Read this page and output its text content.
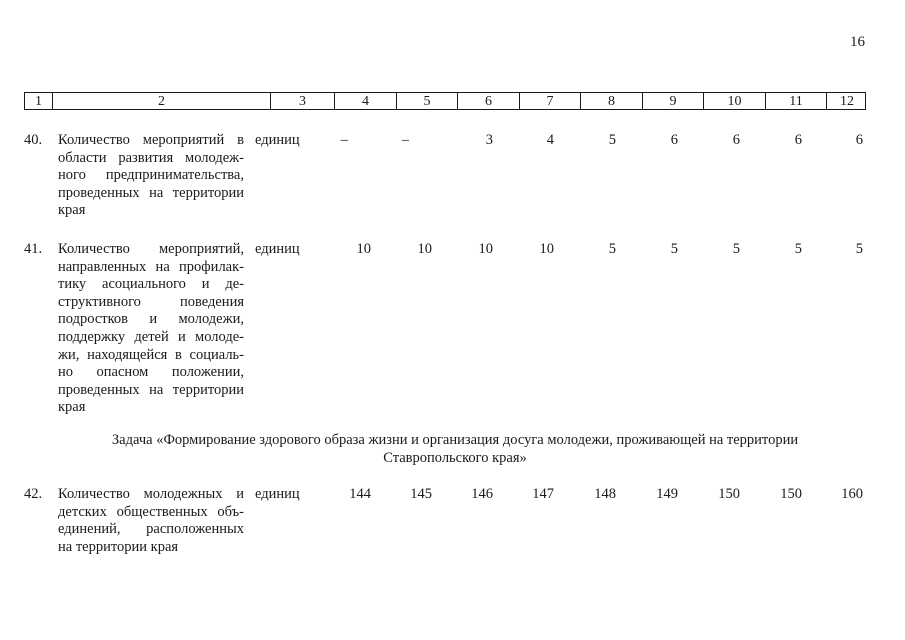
16
1	2	3	4	5	6	7	8	9	10	11	12
40.	Количество мероприятий в
области развития молодеж-
ного предпринимательства,
проведенных на территории
края
единиц	–	–	3	4	5	6	6	6	6
41.	Количество мероприятий,
направленных на профилак-
тику асоциального и де-
структивного поведения
подростков и молодежи,
поддержку детей и молоде-
жи, находящейся в социаль-
но опасном положении,
проведенных на территории
края
единиц	10	10	10	10	5	5	5	5	5
Задача «Формирование здорового образа жизни и организация досуга молодежи, проживающей на территории
Ставропольского края»
42.	Количество молодежных и
детских общественных объ-
единений, расположенных
на территории края
единиц	144	145	146	147	148	149	150	150	160
